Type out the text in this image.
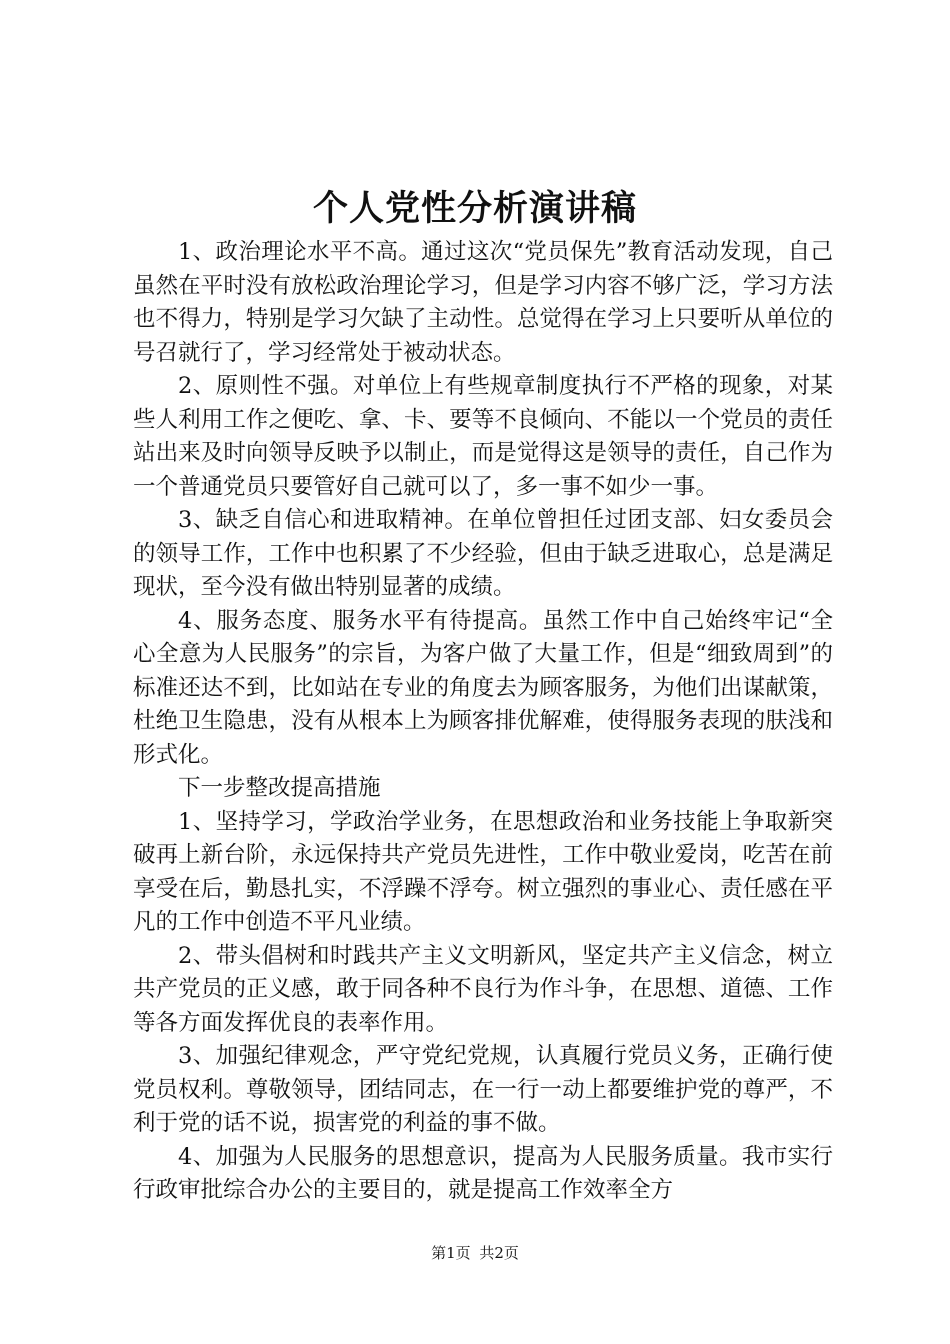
个人党性分析演讲稿

1、政治理论水平不高。通过这次“党员保先”教育活动发现，自己虽然在平时没有放松政治理论学习，但是学习内容不够广泛，学习方法也不得力，特别是学习欠缺了主动性。总觉得在学习上只要听从单位的号召就行了，学习经常处于被动状态。

2、原则性不强。对单位上有些规章制度执行不严格的现象，对某些人利用工作之便吃、拿、卡、要等不良倾向、不能以一个党员的责任站出来及时向领导反映予以制止，而是觉得这是领导的责任，自己作为一个普通党员只要管好自己就可以了，多一事不如少一事。

3、缺乏自信心和进取精神。在单位曾担任过团支部、妇女委员会的领导工作，工作中也积累了不少经验，但由于缺乏进取心，总是满足现状，至今没有做出特别显著的成绩。

4、服务态度、服务水平有待提高。虽然工作中自己始终牢记“全心全意为人民服务”的宗旨，为客户做了大量工作，但是“细致周到”的标准还达不到，比如站在专业的角度去为顾客服务，为他们出谋献策，杜绝卫生隐患，没有从根本上为顾客排优解难，使得服务表现的肤浅和形式化。

下一步整改提高措施

1、坚持学习，学政治学业务，在思想政治和业务技能上争取新突破再上新台阶，永远保持共产党员先进性，工作中敬业爱岗，吃苦在前享受在后，勤恳扎实，不浮躁不浮夸。树立强烈的事业心、责任感在平凡的工作中创造不平凡业绩。

2、带头倡树和时践共产主义文明新风，坚定共产主义信念，树立共产党员的正义感，敢于同各种不良行为作斗争，在思想、道德、工作等各方面发挥优良的表率作用。

3、加强纪律观念，严守党纪党规，认真履行党员义务，正确行使党员权利。尊敬领导，团结同志，在一行一动上都要维护党的尊严，不利于党的话不说，损害党的利益的事不做。

4、加强为人民服务的思想意识，提高为人民服务质量。我市实行行政审批综合办公的主要目的，就是提高工作效率全方

第1页 共2页
